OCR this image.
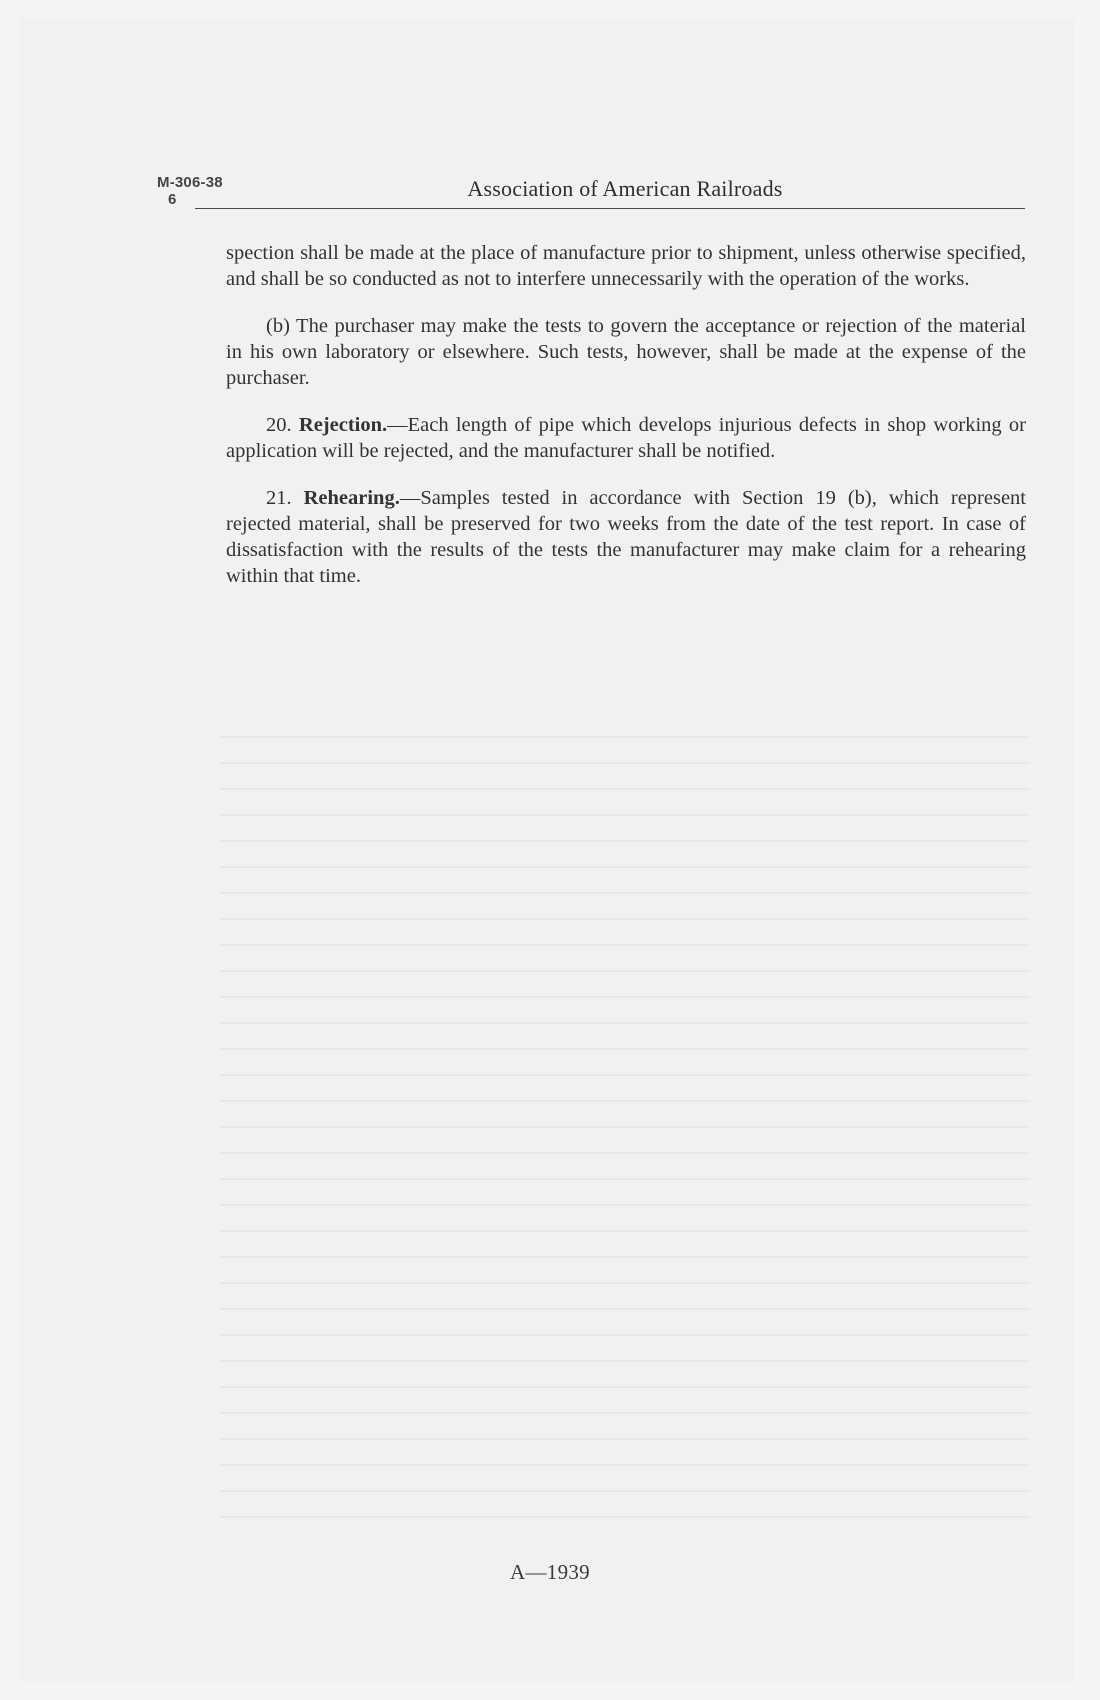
M-306-38
6	Association of American Railroads

spection shall be made at the place of manufacture prior to shipment, unless otherwise specified, and shall be so conducted as not to interfere unnecessarily with the operation of the works.

(b) The purchaser may make the tests to govern the acceptance or rejection of the material in his own laboratory or elsewhere. Such tests, however, shall be made at the expense of the purchaser.

20. Rejection.—Each length of pipe which develops injurious defects in shop working or application will be rejected, and the manufacturer shall be notified.

21. Rehearing.—Samples tested in accordance with Section 19 (b), which represent rejected material, shall be preserved for two weeks from the date of the test report. In case of dissatisfaction with the results of the tests the manufacturer may make claim for a rehearing within that time.

A—1939
